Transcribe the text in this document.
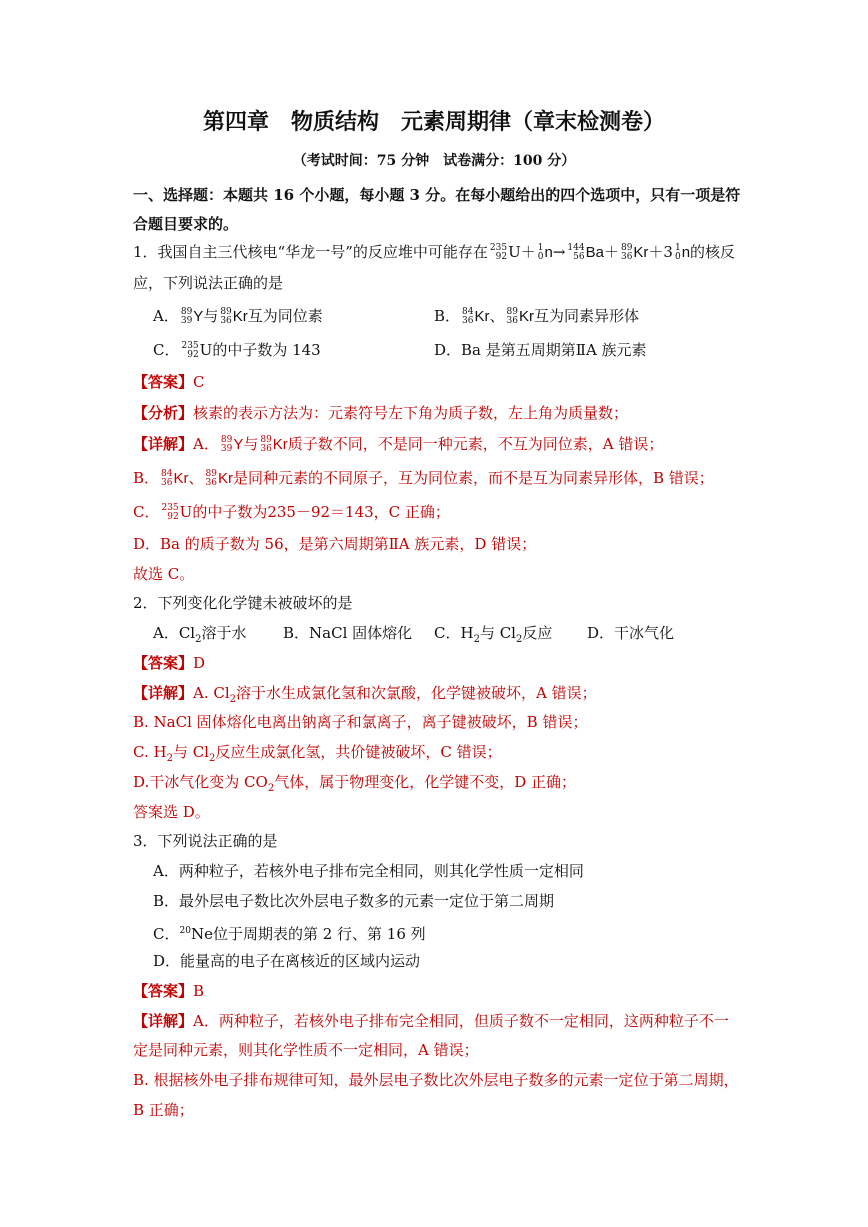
第四章　物质结构　元素周期律（章末检测卷）
（考试时间：75 分钟　试卷满分：100 分）
一、选择题：本题共 16 个小题，每小题 3 分。在每小题给出的四个选项中，只有一项是符
合题目要求的。
1．我国自主三代核电“华龙一号”的反应堆中可能存在 235
92 U＋ 1
0 n→ 144
56 Ba＋ 89
36 Kr＋3 1
0 n的核反
应，下列说法正确的是
A． 89
39 Y与 89
36 Kr互为同位素	B． 84
36 Kr、 89
36 Kr互为同素异形体
C． 235
92 U的中子数为 143	D．Ba 是第五周期第ⅡA 族元素
【答案】C
【分析】核素的表示方法为：元素符号左下角为质子数，左上角为质量数；
【详解】A． 89
39 Y与 89
36 Kr质子数不同，不是同一种元素，不互为同位素，A 错误；
B． 84
36 Kr、 89
36 Kr是同种元素的不同原子，互为同位素，而不是互为同素异形体，B 错误；
C． 235
92 U的中子数为235－92＝143，C 正确；
D．Ba 的质子数为 56，是第六周期第ⅡA 族元素，D 错误；
故选 C。
2．下列变化化学键未被破坏的是
A．$Cl_2$溶于水 B．NaCl 固体熔化 C．$H_2$与 $Cl_2$反应 D．干冰气化
【答案】D
【详解】A. $Cl_2$溶于水生成氯化氢和次氯酸，化学键被破坏，A 错误；
B. NaCl 固体熔化电离出钠离子和氯离子，离子键被破坏，B 错误；
C. $H_2$与 $Cl_2$反应生成氯化氢，共价键被破坏，C 错误；
D.干冰气化变为 $CO_2$气体，属于物理变化，化学键不变，D 正确；
答案选 D。
3．下列说法正确的是
A．两种粒子，若核外电子排布完全相同，则其化学性质一定相同
B．最外层电子数比次外层电子数多的元素一定位于第二周期
C．$^{20}$Ne位于周期表的第 2 行、第 16 列
D．能量高的电子在离核近的区域内运动
【答案】B
【详解】A．两种粒子，若核外电子排布完全相同，但质子数不一定相同，这两种粒子不一
定是同种元素，则其化学性质不一定相同，A 错误；
B. 根据核外电子排布规律可知，最外层电子数比次外层电子数多的元素一定位于第二周期，
B 正确；
